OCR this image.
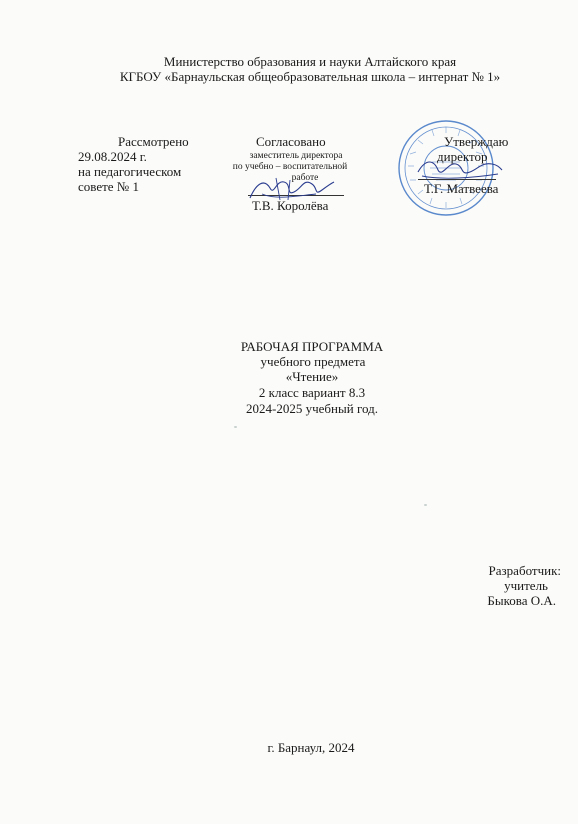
Министерство образования и науки Алтайского края
КГБОУ «Барнаульская общеобразовательная школа – интернат № 1»
Рассмотрено
29.08.2024 г.
на педагогическом
совете № 1
Согласовано
заместитель директора
по учебно – воспитательной
работе
Т.В. Королёва
Утверждаю
директор
Т.Г. Матвеева
РАБОЧАЯ ПРОГРАММА
учебного предмета
«Чтение»
2 класс вариант 8.3
2024-2025 учебный год.
Разработчик:
учитель
Быкова О.А.
г. Барнаул, 2024
